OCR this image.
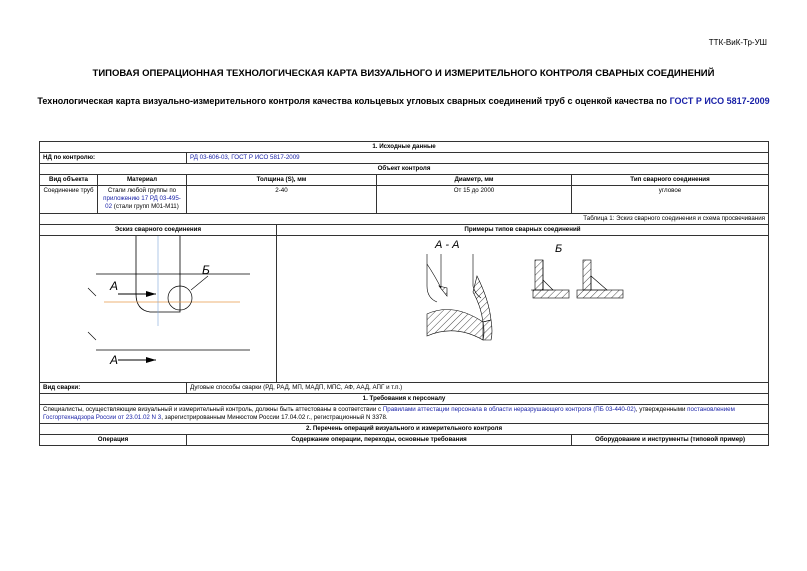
ТТК-ВиК-Тр-УШ
ТИПОВАЯ ОПЕРАЦИОННАЯ ТЕХНОЛОГИЧЕСКАЯ КАРТА ВИЗУАЛЬНОГО И ИЗМЕРИТЕЛЬНОГО КОНТРОЛЯ СВАРНЫХ СОЕДИНЕНИЙ
Технологическая карта визуально-измерительного контроля качества кольцевых угловых сварных соединений труб с оценкой качества по ГОСТ Р ИСО 5817-2009
1. Исходные данные					
НД по контролю:		РД 03-606-03, ГОСТ Р ИСО 5817-2009			
Объект контроля					
Вид объекта	Материал	Толщина (S), мм		Диаметр, мм	Тип сварного соединения
Соединение труб	Стали любой группы по приложению 17 РД 03-495-02 (стали групп М01-М11)	2-40		От 15 до 2000	угловое
Таблица 1: Эскиз сварного соединения и схема просвечивания					
Эскиз сварного соединения			Примеры типов сварных соединений		

А
А
Б			А - А Б		

Вид сварки:		Дуговые способы сварки (РД, РАД, МП, МАДП, МПС, АФ, ААД, АПГ и т.п.)			
1. Требования к персоналу					
Специалисты, осуществляющие визуальный и измерительный контроль, должны быть аттестованы в соответствии с Правилами аттестации персонала в области неразрушающего контроля (ПБ 03-440-02), утвержденными постановлением Госгортехнадзора России от 23.01.02 N 3, зарегистрированным Минюстом России 17.04.02 г., регистрационный N 3378.					
2. Перечень операций визуального и измерительного контроля					
Операция		Содержание операции, переходы, основные требования			Оборудование и инструменты (типовой пример)
